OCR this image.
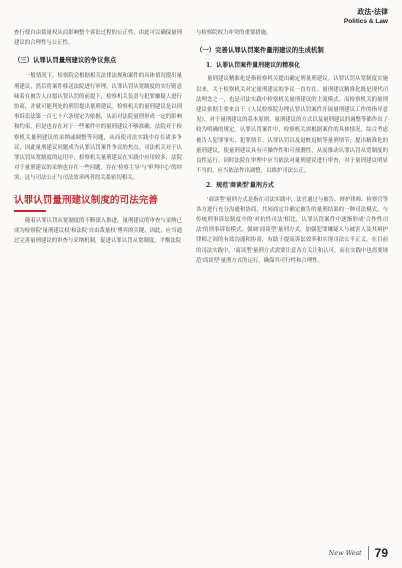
政法·法律
Politics & Law

查行使自由裁量权从而影响整个诉讼过程的公正性，由此可以确保量刑建议的合理性与公正性。

（三）认罪认罚量刑建议的争议焦点

一般情况下，检察院会根据相关法律法规和案件的具体情况提出量刑建议，然后将案件移送法院进行审理。认罪认罚从宽制度的实行则意味着在被告人自愿认罪认罚的前提下，检察机关负责与犯罪嫌疑人进行协商，并就可能判处的刑罚提出量刑建议。检察机关的量刑建议是以刑事诉讼法第一百七十六条规定为依据，从而对法院量刑形成一定的影响和约束。但是也存在对于一些案件中的量刑建议不够准确，法院对于检察机关量刑建议的采纳或调整等问题，从而使司法实践中存在诸多争议，因此量刑建议问题成为认罪认罚案件争议的焦点。司法机关对于认罪认罚从宽制度的运用中，检察机关量刑建议在实践中应用较多，法院对于量刑建议的采纳也存在一些问题，存在'检察主导'与'审判中心'的冲突，这与司法公正与司法效率两者的关系密切相关。

认罪认罚量刑建议制度的司法完善

随着认罪认罚从宽制度的不断深入推进，量刑建议的审查与采纳已成为检察院'量刑建议权'和法院'自由裁量权'博弈的关键。因此，应当通过完善量刑建议的审查与采纳机制，促进认罪认罚从宽制度，平衡法院

与检察院权力冲突的重要措施。

（一）完善认罪认罚案件量刑建议的生成机制
1．认罪认罚案件量刑建议的精准化

量刑建议精准化是指检察机关提出确定刑量刑建议。认罪认罚从宽制度实施以来，关于检察机关对定量刑建议的争议一直存在。量刑建议精准化既是现代司法理念之一，也是司法实践中检察机关量刑建议的主流模式。而检察机关的量刑建议依据主要来自于《人民检察院办理认罪认罚案件开展量刑建议工作的指导意见》，对于量刑建议的基本原则、量刑建议的方式以及量刑建议的调整等都作出了较为明确的规定。认罪认罚案件中，检察机关需根据案件的具体情况，综合考虑被告人犯罪事实、犯罪情节、认罪认罚以及退赃退赔等量刑情节，提出精准化的量刑建议，使量刑建议具有可操作性和可预测性，从而推动认罪认罚从宽制度的良性运行。同时法院在审理中应当依法对量刑建议进行审查，对于量刑建议明显不当的，应当依法作出调整，以维护司法公正。

2．规范'商谈型'量刑方式

'商谈型'量刑方式是指在司法实践中，法官通过与被告、辩护律师、检察官等各方进行充分沟通和协商，共同商定并确定被告的量刑结果的一种司法模式。与传统刑事诉讼制度中的'对抗性司法'相比，认罪认罚案件中逐渐形成'合作性司法'的刑事诉讼模式。强调'商谈型'量刑方式，加强犯罪嫌疑人与被害人及其辩护律师之间的有效沟通和协商，有助于提高诉讼效率和实现司法公平正义。在目前的司法实践中，'商谈型'量刑方式需要注意各方关注和认可，而在实践中也需要规范'商谈型'量刑方式的运行，确保其可行性和合理性。

New West 79
